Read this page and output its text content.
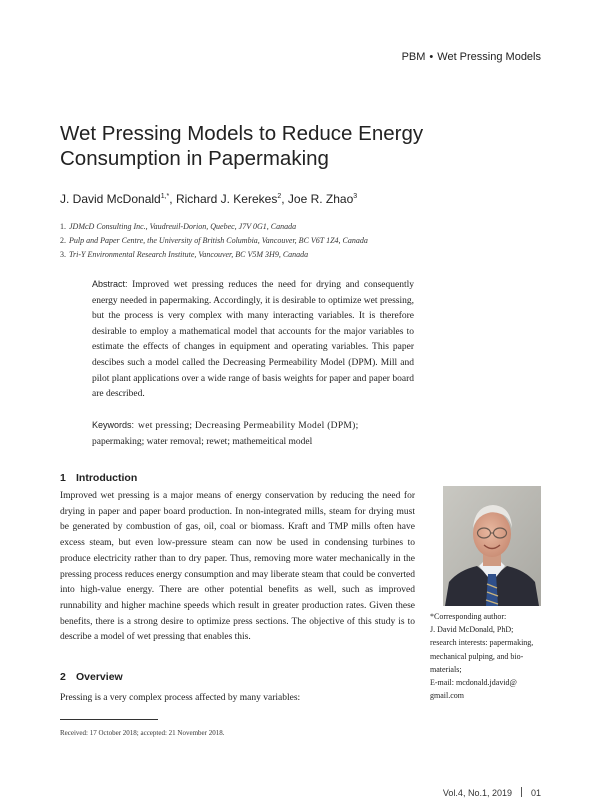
PBM • Wet Pressing Models
Wet Pressing Models to Reduce Energy
Consumption in Papermaking
J. David McDonald$^{1,*}$, Richard J. Kerekes$^2$, Joe R. Zhao$^3$
1. JDMcD Consulting Inc., Vaudreuil-Dorion, Quebec, J7V 0G1, Canada
2. Pulp and Paper Centre, the University of British Columbia, Vancouver, BC V6T 1Z4, Canada
3. Tri-Y Environmental Research Institute, Vancouver, BC V5M 3H9, Canada
Abstract: Improved wet pressing reduces the need for drying and consequently energy needed in papermaking. Accordingly, it is desirable to optimize wet pressing, but the process is very complex with many interacting variables. It is therefore desirable to employ a mathematical model that accounts for the major variables to estimate the effects of changes in equipment and operating variables. This paper descibes such a model called the Decreasing Permeability Model (DPM). Mill and pilot plant applications over a wide range of basis weights for paper and paper board are described.
Keywords: wet pressing; Decreasing Permeability Model (DPM);
papermaking; water removal; rewet; mathemeitical model
1 Introduction
Improved wet pressing is a major means of energy conservation by reducing the need for drying in paper and paper board production. In non-integrated mills, steam for drying must be generated by combustion of gas, oil, coal or biomass. Kraft and TMP mills often have excess steam, but even low-pressure steam can now be used in condensing turbines to produce electricity rather than to dry paper. Thus, removing more water mechanically in the pressing process reduces energy consumption and may liberate steam that could be converted into high-value energy. There are other potential benefits as well, such as improved runnability and higher machine speeds which result in greater production rates. Given these benefits, there is a strong desire to optimize press sections. The objective of this study is to describe a model of wet pressing that enables this.
2 Overview
Pressing is a very complex process affected by many variables:
Received: 17 October 2018; accepted: 21 November 2018.
*Corresponding author:
J. David McDonald, PhD;
research interests: papermaking,
mechanical pulping, and bio-
materials;
E-mail: mcdonald.jdavid@
gmail.com
Vol.4, No.1, 2019 01
